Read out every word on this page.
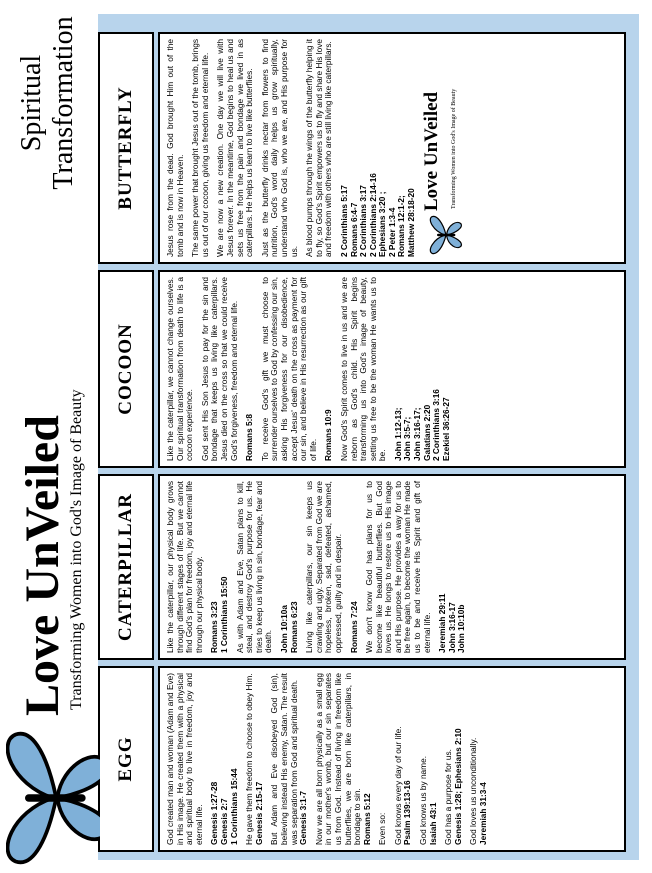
EGG	God created man and woman (Adam and Eve) in His image. He created them with a physical and spiritual body to live in freedom, joy and eternal life. Genesis 1:27-28 Genesis 2:7 1 Corinthians 15:44 He gave them freedom to choose to obey Him. Genesis 2:15-17 But Adam and Eve disobeyed God (sin), believing instead His enemy, Satan. The result was separation from God and spiritual death. Genesis 3:1-7 Now we are all born physically as a small egg in our mother's womb, but our sin separates us from God. Instead of living in freedom like butterflies, we are born like caterpillars, in bondage to sin. Romans 5:12 Even so: God knows every day of our life. Psalm 139:13-16 God knows us by name. Isaiah 43:1 God has a purpose for us. Genesis 1:28; Ephesians 2:10 God loves us unconditionally. Jeremiah 31:3-4

CATERPILLAR	Like the caterpillar, our physical body grows through different stages of life. But we cannot find God's plan for freedom, joy and eternal life through our physical body. Romans 3:23 1 Corinthians 15:50 As with Adam and Eve, Satan plans to kill, steal, and destroy God's purpose for us. He tries to keep us living in sin, bondage, fear and death. John 10:10a Romans 6:23 Living like caterpillars, our sin keeps us crawling and ugly. Separated from God we are hopeless, broken, sad, defeated, ashamed, oppressed, guilty and in despair. Romans 7:24 We don't know God has plans for us to become like beautiful butterflies. But God loves us. He longs to restore us to His image and His purpose. He provides a way for us to be free again, to become the woman He made us to be and receive His Spirit and gift of eternal life. Jeremiah 29:11 John 3:16-17 John 10:10b
COCOON	Like the caterpillar, we cannot change ourselves. Our spiritual transformation from death to life is a cocoon experience. God sent His Son Jesus to pay for the sin and bondage that keeps us living like caterpillars. Jesus died on the cross so that we could receive God's forgiveness, freedom and eternal life. Romans 5:8 To receive God's gift we must choose to surrender ourselves to God by confessing our sin, asking His forgiveness for our disobedience, accept Jesus' death on the cross as payment for our sin, and believe in His resurrection as our gift of life. Romans 10:9 Now God's Spirit comes to live in us and we are reborn as God's child. His Spirit begins transforming us into God's image of beauty, setting us free to be the woman He wants us to be. John 1:12-13; John 3:5-7; John 3:16-17; Galatians 2:20 2 Corinthians 3:16 Ezekiel 36:26-27
BUTTERFLY	Jesus rose from the dead. God brought Him out of the tomb and is now in Heaven. The same power that brought Jesus out of the tomb, brings us out of our cocoon, giving us freedom and eternal life. We are now a new creation. One day we will live with Jesus forever. In the meantime, God begins to heal us and sets us free from the pain and bondage we lived in as caterpillars. He helps us learn to live like butterflies. Just as the butterfly drinks nectar from flowers to find nutrition, God's word daily helps us grow spiritually, understand who God is, who we are, and His purpose for us. As blood pumps through the wings of the butterfly helping it to fly, so God's Spirit empowers us to fly and share His love and freedom with others who are still living like caterpillars. 2 Corinthians 5:17 Romans 6:4-7 2 Corinthians 3:17 2 Corinthians 2:14-16 Ephesians 3:20 ; 2 Peter 1:3-4 Romans 12:1-2; Matthew 28:18-20
Love UnVeiled Transforming Women into God's Image of Beauty
Love UnVeiled Transforming Women into God's Image of Beauty
Spiritual Transformation
